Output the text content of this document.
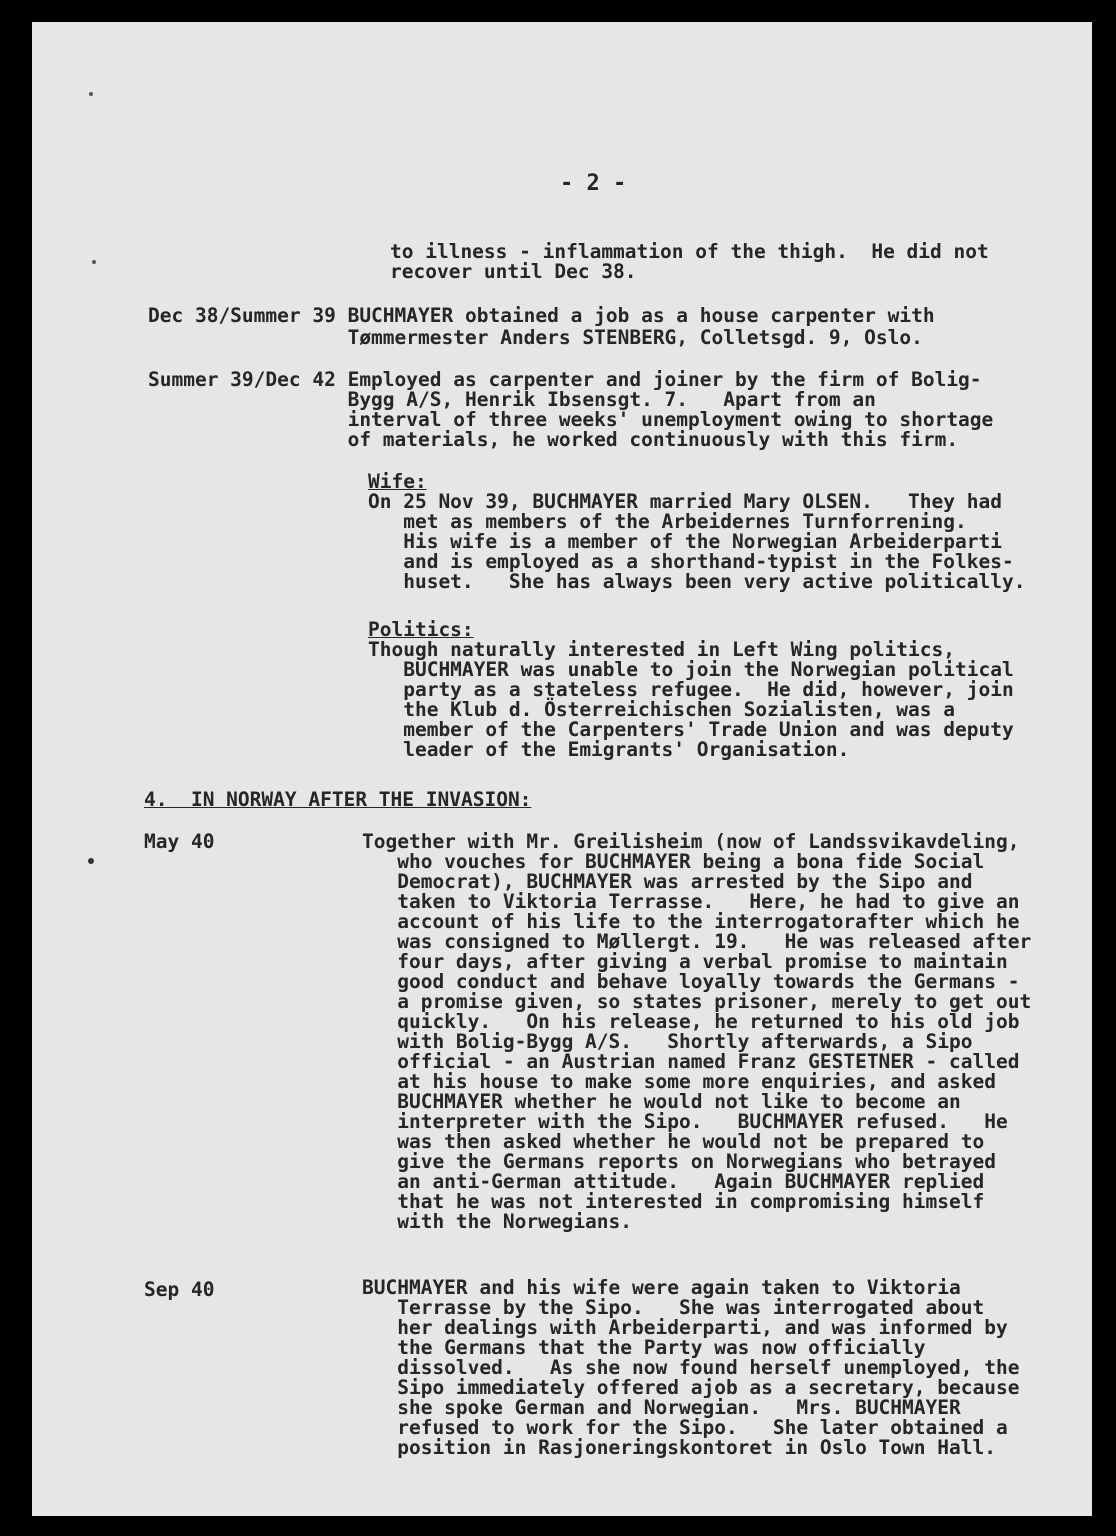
- 2 -
to illness - inflammation of the thigh.  He did not
recover until Dec 38.
Dec 38/Summer 39 BUCHMAYER obtained a job as a house carpenter with
Tømmermester Anders STENBERG, Colletsgd. 9, Oslo.
Summer 39/Dec 42 Employed as carpenter and joiner by the firm of Bolig-
Bygg A/S, Henrik Ibsensgt. 7.   Apart from an
interval of three weeks' unemployment owing to shortage
of materials, he worked continuously with this firm.
Wife:
On 25 Nov 39, BUCHMAYER married Mary OLSEN.   They had
met as members of the Arbeidernes Turnforrening.
His wife is a member of the Norwegian Arbeiderparti
and is employed as a shorthand-typist in the Folkes-
huset.   She has always been very active politically.
Politics:
Though naturally interested in Left Wing politics,
BUCHMAYER was unable to join the Norwegian political
party as a stateless refugee.  He did, however, join
the Klub d. Österreichischen Sozialisten, was a
member of the Carpenters' Trade Union and was deputy
leader of the Emigrants' Organisation.
4.  IN NORWAY AFTER THE INVASION:
May 40	Together with Mr. Greilisheim (now of Landssvikavdeling,
who vouches for BUCHMAYER being a bona fide Social
Democrat), BUCHMAYER was arrested by the Sipo and
taken to Viktoria Terrasse.   Here, he had to give an
account of his life to the interrogatorafter which he
was consigned to Møllergt. 19.   He was released after
four days, after giving a verbal promise to maintain
good conduct and behave loyally towards the Germans -
a promise given, so states prisoner, merely to get out
quickly.   On his release, he returned to his old job
with Bolig-Bygg A/S.   Shortly afterwards, a Sipo
official - an Austrian named Franz GESTETNER - called
at his house to make some more enquiries, and asked
BUCHMAYER whether he would not like to become an
interpreter with the Sipo.   BUCHMAYER refused.   He
was then asked whether he would not be prepared to
give the Germans reports on Norwegians who betrayed
an anti-German attitude.   Again BUCHMAYER replied
that he was not interested in compromising himself
with the Norwegians.
Sep 40	BUCHMAYER and his wife were again taken to Viktoria
Terrasse by the Sipo.   She was interrogated about
her dealings with Arbeiderparti, and was informed by
the Germans that the Party was now officially
dissolved.   As she now found herself unemployed, the
Sipo immediately offered ajob as a secretary, because
she spoke German and Norwegian.   Mrs. BUCHMAYER
refused to work for the Sipo.   She later obtained a
position in Rasjoneringskontoret in Oslo Town Hall.
